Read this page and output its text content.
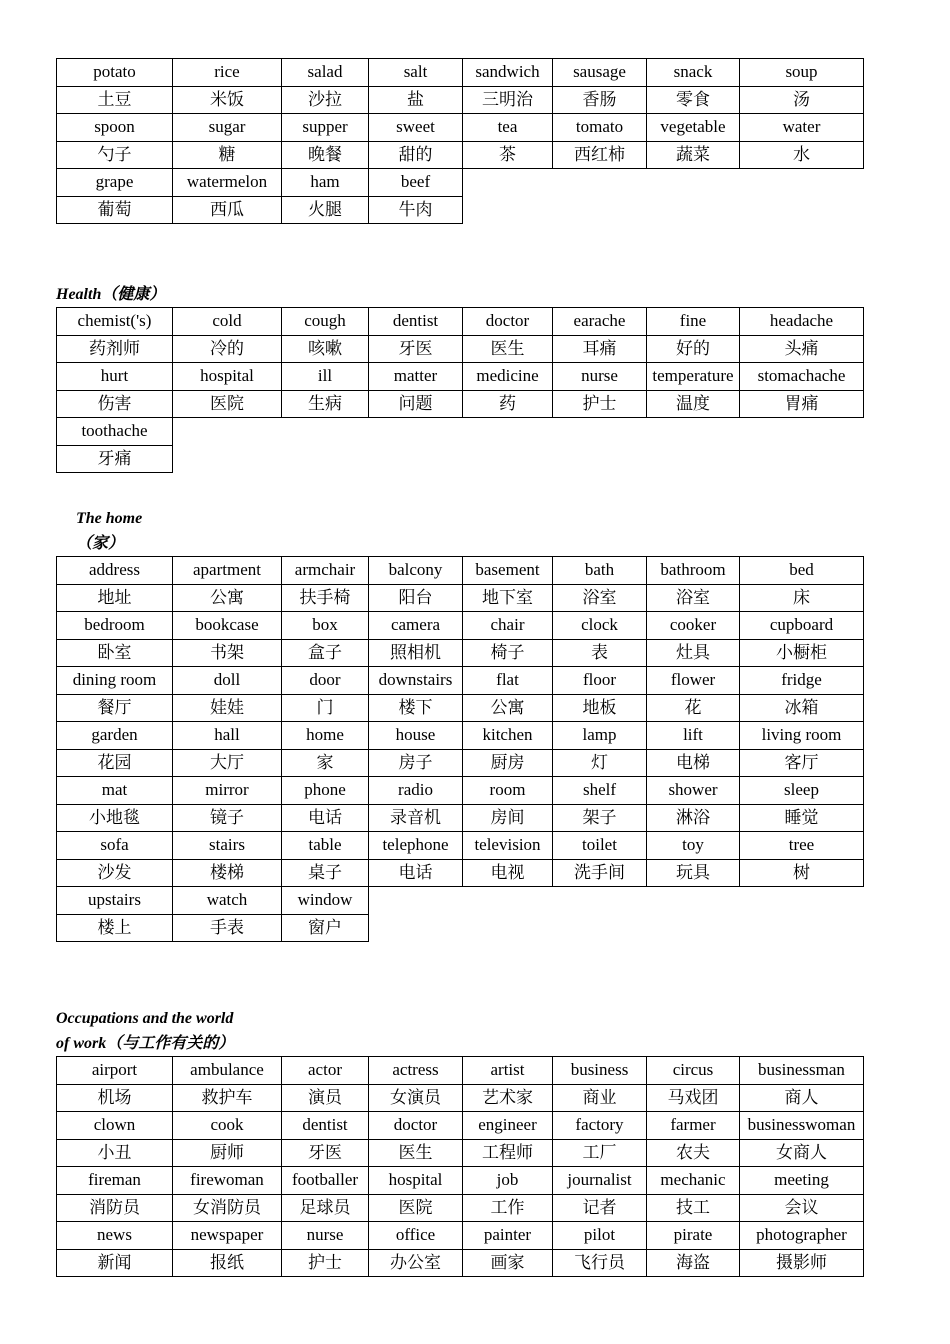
potato	rice	salad	salt	sandwich	sausage	snack	soup
土豆	米饭	沙拉	盐	三明治	香肠	零食	汤
spoon	sugar	supper	sweet	tea	tomato	vegetable	water
勺子	糖	晚餐	甜的	茶	西红柿	蔬菜	水
grape	watermelon	ham	beef				
葡萄	西瓜	火腿	牛肉				
Health（健康）
chemist('s)	cold	cough	dentist	doctor	earache	fine	headache
药剂师	冷的	咳嗽	牙医	医生	耳痛	好的	头痛
hurt	hospital	ill	matter	medicine	nurse	temperature	stomachache
伤害	医院	生病	问题	药	护士	温度	胃痛
toothache							
牙痛							
The home
（家）
address	apartment	armchair	balcony	basement	bath	bathroom	bed
地址	公寓	扶手椅	阳台	地下室	浴室	浴室	床
bedroom	bookcase	box	camera	chair	clock	cooker	cupboard
卧室	书架	盒子	照相机	椅子	表	灶具	小橱柜
dining room	doll	door	downstairs	flat	floor	flower	fridge
餐厅	娃娃	门	楼下	公寓	地板	花	冰箱
garden	hall	home	house	kitchen	lamp	lift	living room
花园	大厅	家	房子	厨房	灯	电梯	客厅
mat	mirror	phone	radio	room	shelf	shower	sleep
小地毯	镜子	电话	录音机	房间	架子	淋浴	睡觉
sofa	stairs	table	telephone	television	toilet	toy	tree
沙发	楼梯	桌子	电话	电视	洗手间	玩具	树
upstairs	watch	window					
楼上	手表	窗户					
Occupations and the world
of work（与工作有关的）
airport	ambulance	actor	actress	artist	business	circus	businessman
机场	救护车	演员	女演员	艺术家	商业	马戏团	商人
clown	cook	dentist	doctor	engineer	factory	farmer	businesswoman
小丑	厨师	牙医	医生	工程师	工厂	农夫	女商人
fireman	firewoman	footballer	hospital	job	journalist	mechanic	meeting
消防员	女消防员	足球员	医院	工作	记者	技工	会议
news	newspaper	nurse	office	painter	pilot	pirate	photographer
新闻	报纸	护士	办公室	画家	飞行员	海盗	摄影师
